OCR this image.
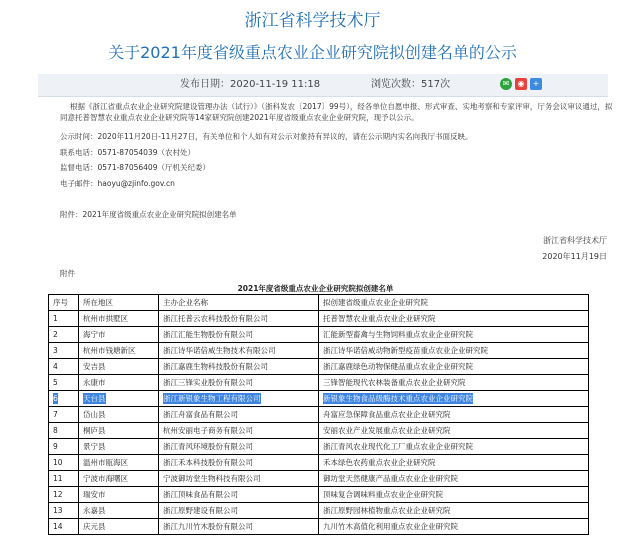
浙江省科学技术厅
关于2021年度省级重点农业企业研究院拟创建名单的公示
发布日期：2020-11-19 11:18	浏览次数：517次	✉ ◉ +
根据《浙江省重点农业企业研究院建设管理办法（试行）》（浙科发农〔2017〕99号），经各单位自愿申报、形式审查、实地考察和专家评审，厅务会议审议通过，拟
同意托普智慧农业重点农业企业研究院等14家研究院创建2021年度省级重点农业企业研究院，现予以公示。
公示时间：2020年11月20日-11月27日，有关单位和个人如有对公示对象持有异议的，请在公示期内实名向我厅书面反映。
联系电话：0571-87054039（农村处）
监督电话：0571-87056409（厅机关纪委）
电子邮件：haoyu@zjinfo.gov.cn
附件：2021年度省级重点农业企业研究院拟创建名单
浙江省科学技术厅
2020年11月19日
附件
2021年度省级重点农业企业研究院拟创建名单
序号	所在地区	主办企业名称	拟创建省级重点农业企业研究院
1	杭州市拱墅区	浙江托普云农科技股份有限公司	托普智慧农业重点农业企业研究院
2	海宁市	浙江汇能生物股份有限公司	汇能新型畜禽与生物饲料重点农业企业研究院
3	杭州市钱塘新区	浙江诗华诺倍威生物技术有限公司	浙江诗华诺倍威动物新型疫苗重点农业企业研究院
4	安吉县	浙江嘉鹿生物科技股份有限公司	浙江嘉鹿绿色动物保健品重点农业企业研究院
5	永康市	浙江三锋实业股份有限公司	三锋智能现代农林装备重点农业企业研究院
6	天台县	浙江新银象生物工程有限公司	新银象生物食品级酶技术重点农业企业研究院
7	岱山县	浙江舟富食品有限公司	舟富应急保障食品重点农业企业研究院
8	桐庐县	杭州安丽电子商务有限公司	安丽农业产业发展重点农业企业研究院
9	景宁县	浙江青风环境股份有限公司	浙江青风农业现代化工厂重点农业企业研究院
10	温州市瓯海区	浙江禾本科技股份有限公司	禾本绿色农药重点农业企业研究院
11	宁波市海曙区	宁波御坊堂生物科技有限公司	御坊堂天然健康产品重点农业企业研究院
12	瑞安市	浙江顶味食品有限公司	顶味复合调味料重点农业企业研究院
13	永嘉县	浙江原野建设有限公司	浙江原野园林植物重点农业企业研究院
14	庆元县	浙江九川竹木股份有限公司	九川竹木高值化利用重点农业企业研究院
